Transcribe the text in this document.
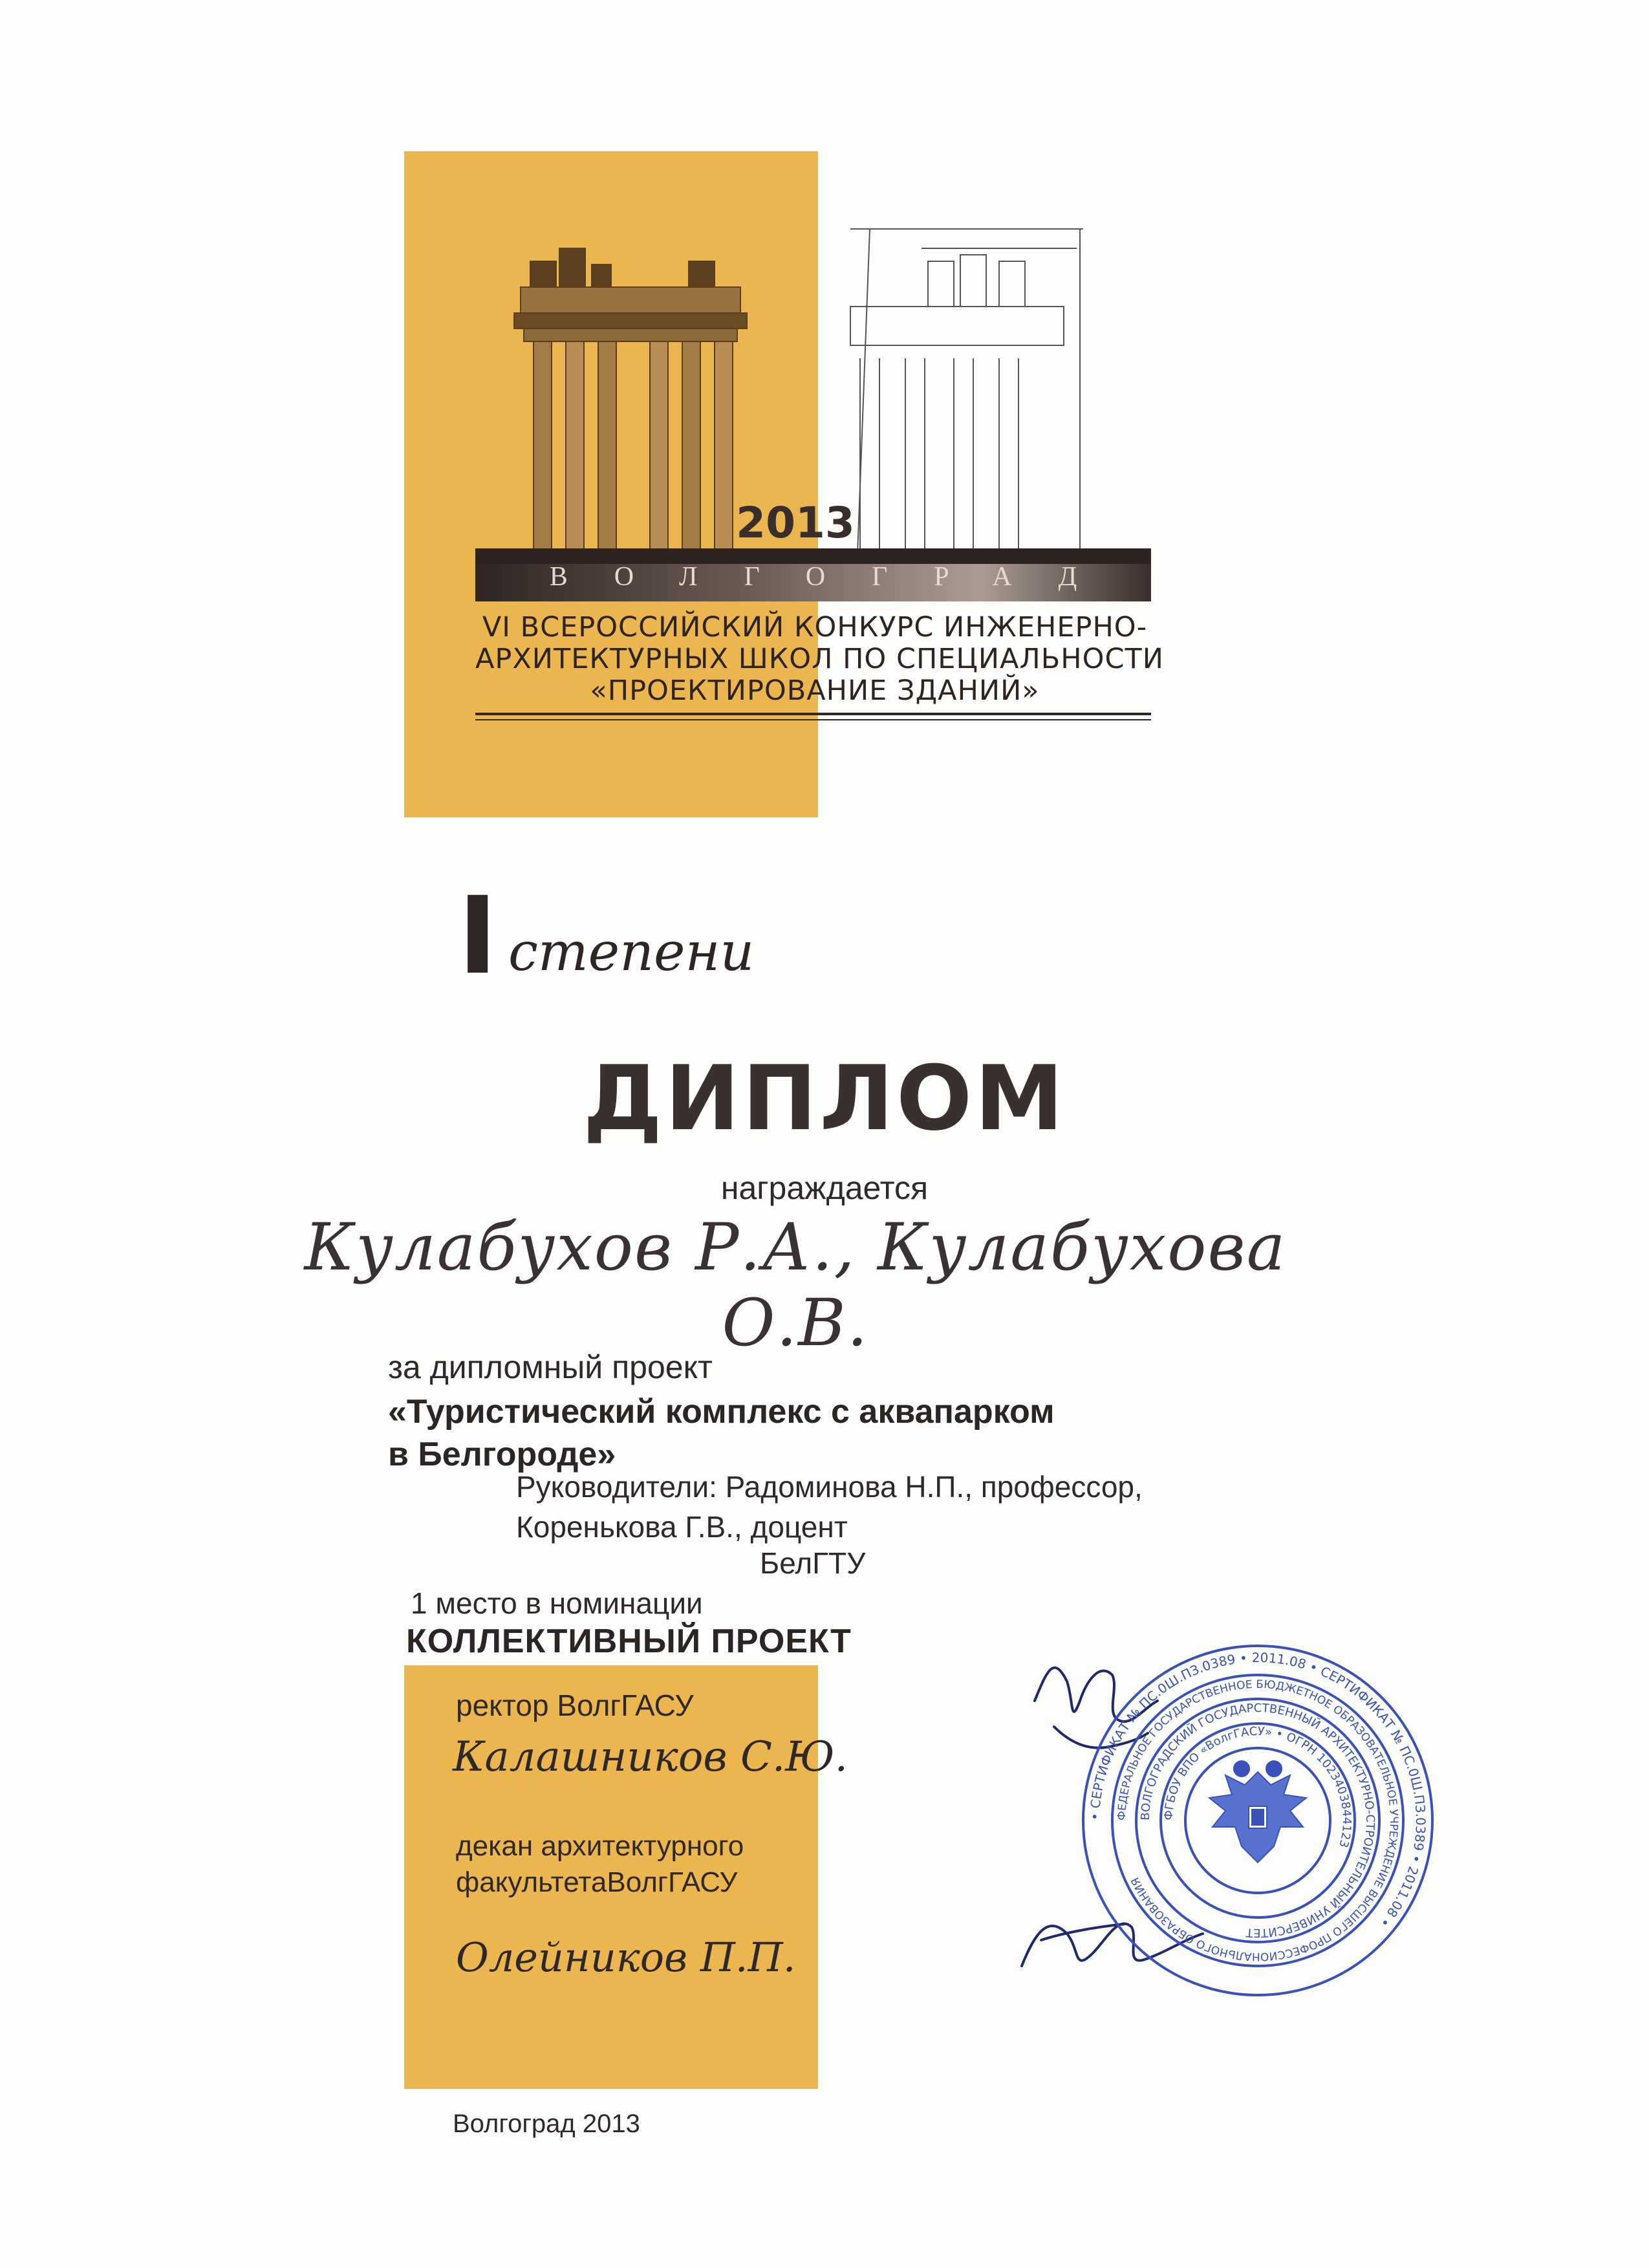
2013
ВОЛГОГРАД
VI ВСЕРОССИЙСКИЙ КОНКУРС ИНЖЕНЕРНО-
АРХИТЕКТУРНЫХ ШКОЛ ПО СПЕЦИАЛЬНОСТИ
«ПРОЕКТИРОВАНИЕ ЗДАНИЙ»
I степени
ДИПЛОМ
награждается
Кулабухов Р.А., Кулабухова О.В.
за дипломный проект
«Туристический комплекс с аквапарком
в Белгороде»
Руководители: Радоминова Н.П., профессор,
Коренькова Г.В., доцент
БелГТУ
1 место в номинации
КОЛЛЕКТИВНЫЙ ПРОЕКТ
ректор ВолгГАСУ
Калашников С.Ю.
декан архитектурного
факультетаВолгГАСУ
Олейников П.П.
Волгоград 2013
• СЕРТИФИКАТ № ПС.0Ш.ПЗ.0389 • 2011.08 • СЕРТИФИКАТ № ПС.0Ш.ПЗ.0389 • 2011.08 •
ФЕДЕРАЛЬНОЕ ГОСУДАРСТВЕННОЕ БЮДЖЕТНОЕ ОБРАЗОВАТЕЛЬНОЕ УЧРЕЖДЕНИЕ ВЫСШЕГО ПРОФЕССИОНАЛЬНОГО ОБРАЗОВАНИЯ
ВОЛГОГРАДСКИЙ ГОСУДАРСТВЕННЫЙ АРХИТЕКТУРНО-СТРОИТЕЛЬНЫЙ УНИВЕРСИТЕТ
ФГБОУ ВПО «ВолгГАСУ» • ОГРН 1023403844123
